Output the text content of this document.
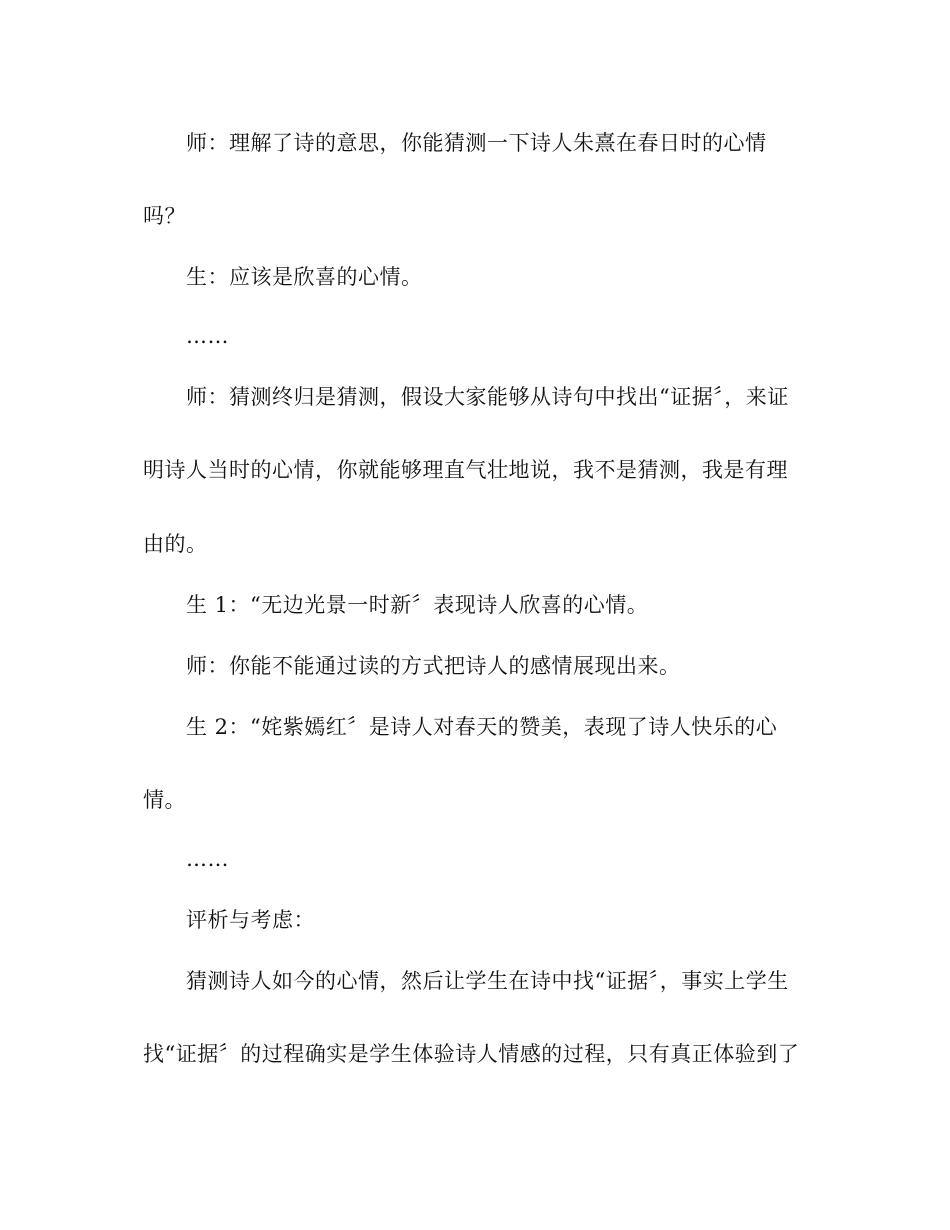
师：理解了诗的意思，你能猜测一下诗人朱熹在春日时的心情
吗？
生：应该是欣喜的心情。
……
师：猜测终归是猜测，假设大家能够从诗句中找出“证据〞，来证
明诗人当时的心情，你就能够理直气壮地说，我不是猜测，我是有理
由的。
生 1：“无边光景一时新〞表现诗人欣喜的心情。
师：你能不能通过读的方式把诗人的感情展现出来。
生 2：“姹紫嫣红〞是诗人对春天的赞美，表现了诗人快乐的心
情。
……
评析与考虑：
猜测诗人如今的心情，然后让学生在诗中找“证据〞，事实上学生
找“证据〞的过程确实是学生体验诗人情感的过程，只有真正体验到了
